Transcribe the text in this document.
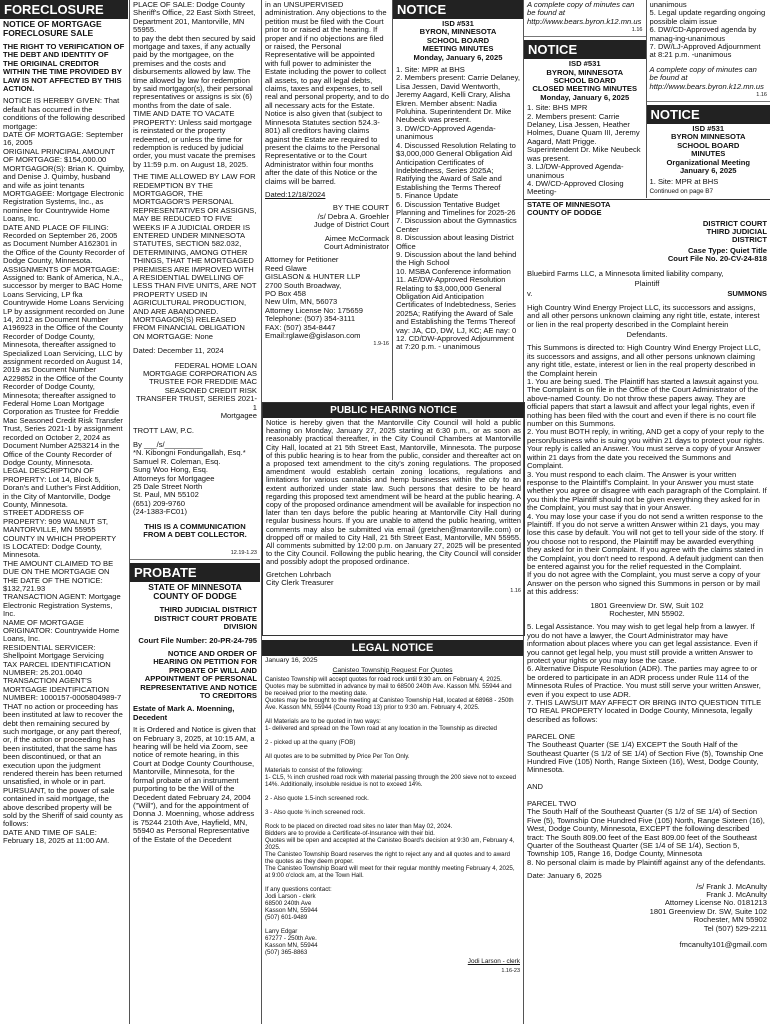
FORECLOSURE
NOTICE OF MORTGAGE FORECLOSURE SALE
THE RIGHT TO VERIFICATION OF THE DEBT AND IDENTITY OF THE ORIGINAL CREDITOR WITHIN THE TIME PROVIDED BY LAW IS NOT AFFECTED BY THIS ACTION.
NOTICE IS HEREBY GIVEN: That default has occurred in the conditions of the following described mortgage:
DATE OF MORTGAGE: September 16, 2005
ORIGINAL PRINCIPAL AMOUNT OF MORTGAGE: $154,000.00
MORTGAGOR(S): Brian K. Quimby, and Denise J. Quimby, husband and wife as joint tenants
MORTGAGEE: Mortgage Electronic Registration Systems, Inc., as nominee for Countrywide Home Loans, Inc.
DATE AND PLACE OF FILING: Recorded on September 26, 2005 as Document Number A162301 in the Office of the County Recorder of Dodge County, Minnesota.
ASSIGNMENTS OF MORTGAGE: Assigned to: Bank of America, N.A., successor by merger to BAC Home Loans Servicing, LP fka Countrywide Home Loans Servicing LP by assignment recorded on June 14, 2012 as Document Number A196923 in the Office of the County Recorder of Dodge County, Minnesota, thereafter assigned to Specialized Loan Servicing, LLC by assignment recorded on August 14, 2019 as Document Number A229852 in the Office of the County Recorder of Dodge County, Minnesota; thereafter assigned to Federal Home Loan Mortgage Corporation as Trustee for Freddie Mac Seasoned Credit Risk Transfer Trust, Series 2021-1 by assignment recorded on October 2, 2024 as Document Number A253214 in the Office of the County Recorder of Dodge County, Minnesota.
LEGAL DESCRIPTION OF PROPERTY: Lot 14, Block 5, Doran's and Luther's First Addition, in the City of Mantorville, Dodge County, Minnesota.
STREET ADDRESS OF PROPERTY: 909 WALNUT ST, MANTORVILLE, MN 55955
COUNTY IN WHICH PROPERTY IS LOCATED: Dodge County, Minnesota.
THE AMOUNT CLAIMED TO BE DUE ON THE MORTGAGE ON THE DATE OF THE NOTICE: $132,721.93
TRANSACTION AGENT: Mortgage Electronic Registration Systems, Inc.
NAME OF MORTGAGE ORIGINATOR: Countrywide Home Loans, Inc.
RESIDENTIAL SERVICER: Shellpoint Mortgage Servicing
TAX PARCEL IDENTIFICATION NUMBER: 25.201.0040
TRANSACTION AGENT'S MORTGAGE IDENTIFICATION NUMBER: 1000157-0005804989-7
THAT no action or proceeding has been instituted at law to recover the debt then remaining secured by such mortgage, or any part thereof, or, if the action or proceeding has been instituted, that the same has been discontinued, or that an execution upon the judgment rendered therein has been returned unsatisfied, in whole or in part.
PURSUANT, to the power of sale contained in said mortgage, the above described property will be sold by the Sheriff of said county as follows:
DATE AND TIME OF SALE: February 18, 2025 at 11:00 AM.
PLACE OF SALE: Dodge County Sheriff's Office, 22 East Sixth Street, Department 201, Mantorville, MN 55955.
to pay the debt then secured by said mortgage and taxes, if any actually paid by the mortgagee, on the premises and the costs and disbursements allowed by law. The time allowed by law for redemption by said mortgagor(s), their personal representatives or assigns is six (6) months from the date of sale.
TIME AND DATE TO VACATE PROPERTY: Unless said mortgage is reinstated or the property redeemed, or unless the time for redemption is reduced by judicial order, you must vacate the premises by 11:59 p.m. on August 18, 2025.
THE TIME ALLOWED BY LAW FOR REDEMPTION BY THE MORTGAGOR, THE MORTGAGOR'S PERSONAL REPRESENTATIVES OR ASSIGNS, MAY BE REDUCED TO FIVE WEEKS IF A JUDICIAL ORDER IS ENTERED UNDER MINNESOTA STATUTES, SECTION 582.032, DETERMINING, AMONG OTHER THINGS, THAT THE MORTGAGED PREMISES ARE IMPROVED WITH A RESIDENTIAL DWELLING OF LESS THAN FIVE UNITS, ARE NOT PROPERTY USED IN AGRICULTURAL PRODUCTION, AND ARE ABANDONED.
MORTGAGOR(S) RELEASED FROM FINANCIAL OBLIGATION ON MORTGAGE: None
Dated: December 11, 2024
FEDERAL HOME LOAN MORTGAGE CORPORATION AS TRUSTEE FOR FREDDIE MAC SEASONED CREDIT RISK TRANSFER TRUST, SERIES 2021-1
Mortgagee
TROTT LAW, P.C.
By ___/s/_________
*N. Kibongni Fondungallah, Esq.*
Samuel R. Coleman, Esq.
Sung Woo Hong, Esq.
Attorneys for Mortgagee
25 Dale Street North
St. Paul, MN 55102
(651) 209-9760
(24-1383-FC01)
THIS IS A COMMUNICATION FROM A DEBT COLLECTOR.
12.19-1.23
PROBATE
STATE OF MINNESOTA COUNTY OF DODGE
THIRD JUDICIAL DISTRICT DISTRICT COURT PROBATE DIVISION
Court File Number: 20-PR-24-795
NOTICE AND ORDER OF HEARING ON PETITION FOR PROBATE OF WILL AND APPOINTMENT OF PERSONAL REPRESENTATIVE AND NOTICE TO CREDITORS
Estate of Mark A. Moenning, Decedent
It is Ordered and Notice is given that on February 3, 2025, at 10:15 AM, a hearing will be held via Zoom, see notice of remote hearing, in this Court at Dodge County Courthouse, Mantorville, Minnesota, for the formal probate of an instrument purporting to be the Will of the Decedent dated February 24, 2004 ("Will"), and for the appointment of Donna J. Moenning, whose address is 75244 210th Ave, Hayfield, MN, 55940 as Personal Representative of the Estate of the Decedent
in an UNSUPERVISED administration. Any objections to the petition must be filed with the Court prior to or raised at the hearing. If proper and if no objections are filed or raised, the Personal Representative will be appointed with full power to administer the Estate including the power to collect all assets, to pay all legal debts, claims, taxes and expenses, to sell real and personal property, and to do all necessary acts for the Estate.
Notice is also given that (subject to Minnesota Statutes section 524.3-801) all creditors having claims against the Estate are required to present the claims to the Personal Representative or to the Court Administrator within four months after the date of this Notice or the claims will be barred.
Dated:12/18/2024
BY THE COURT
/s/ Debra A. Groehler
Judge of District Court
Aimee McCormack
Court Administrator
Attorney for Petitioner
Reed Glawe
GISLASON & HUNTER LLP
2700 South Broadway,
PO Box 458
New Ulm, MN, 56073
Attorney License No: 175659
Telephone: (507) 354-3111
FAX: (507) 354-8447
Email:rglawe@gislason.com
1.9-16
NOTICE
ISD #531
BYRON, MINNESOTA
SCHOOL BOARD
MEETING MINUTES
Monday, January 6, 2025
1. Site: MPR at BHS
2. Members present: Carrie Delaney, Lisa Jessen, David Wentworth, Jeremy Aagard, Kelli Crary, Alisha Ekren. Member absent: Nadia Poluhina. Superintendent Dr. Mike Neubeck was present.
3. DW/CD-Approved Agenda-unanimous
4. Discussed Resolution Relating to $3,000,000 General Obligation Aid Anticipation Certificates of Indebtedness, Series 2025A; Ratifying the Award of Sale and Establishing the Terms Thereof
5. Finance Update
6. Discussion Tentative Budget Planning and Timelines for 2025-26
7. Discussion about the Gymnastics Center
8. Discussion about leasing District Office
9. Discussion about the land behind the High School
10. MSBA Conference information
11. AE/DW-Approved Resolution Relating to $3,000,000 General Obligation Aid Anticipation Certificates of Indebtedness, Series 2025A; Ratifying the Award of Sale and Establishing the Terms Thereof vay: JA, CD, DW, LJ, KC; AE nay: 0
12. CD/DW-Approved Adjournment at 7:20 p.m. - unanimous
PUBLIC HEARING NOTICE
Notice is hereby given that the Mantorville City Council will hold a public hearing on Monday, January 27, 2025 starting at 6:30 p.m., or as soon as reasonably practical thereafter, in the City Council Chambers at Mantorville City Hall, located at 21 5th Street East, Mantorville, Minnesota. The purpose of this public hearing is to hear from the public, consider and thereafter act on a proposed text amendment to the city's zoning regulations. The proposed amendment would establish certain zoning locations, regulations and limitations for various cannabis and hemp businesses within the city to an extent authorized under state law. Such persons that desire to be heard regarding this proposed text amendment will be heard at the public hearing. A copy of the proposed ordinance amendment will be available for inspection no later than ten days before the public hearing at Mantorville City Hall during regular business hours. If you are unable to attend the public hearing, written comments may also be submitted via email (gretchen@mantorville.com) or dropped off or mailed to City Hall, 21 5th Street East, Mantorville, MN 55955. All comments submitted by 12:00 p.m. on January 27, 2025 will be presented to the City Council. Following the public hearing, the City Council will consider and possibly adopt the proposed ordinance.
Gretchen Lohrbach
City Clerk Treasurer
1.16
LEGAL NOTICE
January 16, 2025
Canisteo Township Request For Quotes
Canisteo Township will accept quotes for road rock until 9:30 am. on February 4, 2025.
Quotes may be submitted in advance by mail to 68500 240th Ave. Kasson MN. 55944 and be received prior to the meeting date.
Quotes may be brought to the meeting at Canisteo Township Hall, located at 68968 - 250th Ave. Kasson MN, 55944 (County Road 13) prior to 9:30 am. February 4, 2025.

All Materials are to be quoted in two ways:
1- delivered and spread on the Town road at any location in the Township as directed

2 - picked up at the quarry (FOB)

All quotes are to be submitted by Price Per Ton Only.

Materials to consist of the following:
1- CL5, ¾ inch crushed road rock with material passing through the 200 sieve not to exceed 14%. Additionally, insoluble residue is not to exceed 14%.

2 - Also quote 1.5-inch screened rock.

3 - Also quote ¾ inch screened rock.

Rock to be placed on directed road sites no later than May 02, 2024.
Bidders are to provide a Certificate-of-Insurance with their bid.
Quotes will be open and accepted at the Canisteo Board's decision at 9:30 am, February 4, 2025.
The Canisteo Township Board reserves the right to reject any and all quotes and to award the quotes as they deem proper.
The Canisteo Township Board will meet for their regular monthly meeting February 4, 2025, at 9:00 o'clock am, at the Town Hall.

If any questions contact:
Jodi Larson - clerk
68500 240th Ave
Kasson MN, 55944
(507) 601-9489

Larry Edgar
67277 - 250th Ave.
Kasson MN, 55944
(507) 365-8863
Jodi Larson - clerk
1.16-23
A complete copy of minutes can be found at http://www.bears.byron.k12.mn.us
1.16
NOTICE
ISD #531
BYRON, MINNESOTA
SCHOOL BOARD
CLOSED MEETING MINUTES
Monday, January 6, 2025
1. Site: BHS MPR
2. Members present: Carrie Delaney, Lisa Jessen, Heather Holmes, Duane Quam III, Jeremy Aagard, Matt Prigge. Superintendent Dr. Mike Neubeck was present.
3. LJ/DW-Approved Agenda-unanimous
4. DW/CD-Approved Closing Meeting-
unanimous
5. Legal update regarding ongoing possible claim issue
6. DW/CD-Approved agenda by manag-ing-unanimous
7. DW/LJ-Approved Adjournment at 8:21 p.m. -unanimous
A complete copy of minutes can be found at http://www.bears.byron.k12.mn.us
1.16
NOTICE
ISD #531
BYRON MINNESOTA
SCHOOL BOARD
MINUTES
Organizational Meeting
January 6, 2025
1. Site: MPR at BHS
Continued on page B7
STATE OF MINNESOTA
COUNTY OF DODGE
DISTRICT COURT
THIRD JUDICIAL
DISTRICT
Case Type: Quiet Title
Court File No. 20-CV-24-818
Bluebird Farms LLC, a Minnesota limited liability company,
Plaintiff
v.	SUMMONS
High Country Wind Energy Project LLC, its successors and assigns, and all other persons unknown claiming any right title, estate, interest or lien in the real property described in the Complaint herein
Defendants.
This Summons is directed to: High Country Wind Energy Project LLC, its successors and assigns, and all other persons unknown claiming any right title, estate, interest or lien in the real property described in the Complaint herein
1. You are being sued. The Plaintiff has started a lawsuit against you. The Complaint is on file in the Office of the Court Administrator of the above-named County. Do not throw these papers away. They are official papers that start a lawsuit and affect your legal rights, even if nothing has been filed with the court and even if there is no court file number on this Summons.
2. You must BOTH reply, in writing, AND get a copy of your reply to the person/business who is suing you within 21 days to protect your rights. Your reply is called an Answer. You must serve a copy of your Answer within 21 days from the date you received the Summons and Complaint.
3. You must respond to each claim. The Answer is your written response to the Plaintiff's Complaint. In your Answer you must state whether you agree or disagree with each paragraph of the Complaint. If you think the Plaintiff should not be given everything they asked for in the Complaint, you must say that in your Answer.
4. You may lose your case if you do not send a written response to the Plaintiff. If you do not serve a written Answer within 21 days, you may lose this case by default. You will not get to tell your side of the story. If you choose not to respond, the Plaintiff may be awarded everything they asked for in their Complaint. If you agree with the claims stated in the Complaint, you don't need to respond. A default judgment can then be entered against you for the relief requested in the Complaint.
If you do not agree with the Complaint, you must serve a copy of your Answer on the person who signed this Summons in person or by mail at this address:
1801 Greenview Dr. SW, Suit 102
Rochester, MN 55902.
5. Legal Assistance. You may wish to get legal help from a lawyer. If you do not have a lawyer, the Court Administrator may have information about places where you can get legal assistance. Even if you cannot get legal help, you must still provide a written Answer to protect your rights or you may lose the case.
6. Alternative Dispute Resolution (ADR). The parties may agree to or be ordered to participate in an ADR process under Rule 114 of the Minnesota Rules of Practice. You must still serve your written Answer, even if you expect to use ADR.
7. THIS LAWSUIT MAY AFFECT OR BRING INTO QUESTION TITLE TO REAL PROPERTY located in Dodge County, Minnesota, legally described as follows:

PARCEL ONE
The Southeast Quarter (SE 1/4) EXCEPT the South Half of the Southeast Quarter (S 1/2 of SE 1/4) of Section Five (5), Township One Hundred Five (105) North, Range Sixteen (16), West, Dodge County, Minnesota.

AND

PARCEL TWO
The South Half of the Southeast Quarter (S 1/2 of SE 1/4) of Section Five (5), Township One Hundred Five (105) North, Range Sixteen (16), West, Dodge County, Minnesota, EXCEPT the following described tract: The South 809.00 feet of the East 809.00 feet of the Southeast Quarter of the Southeast Quarter (SE 1/4 of SE 1/4), Section 5, Township 105, Range 16, Dodge County, Minnesota
8. No personal claim is made by Plaintiff against any of the defendants.
Date: January 6, 2025
/s/ Frank J. McAnulty
Frank J. McAnulty
Attorney License No. 0181213
1801 Greenview Dr. SW, Suite 102
Rochester, MN 55902
Tel (507) 529-2211

fmcanulty101@gmail.com
